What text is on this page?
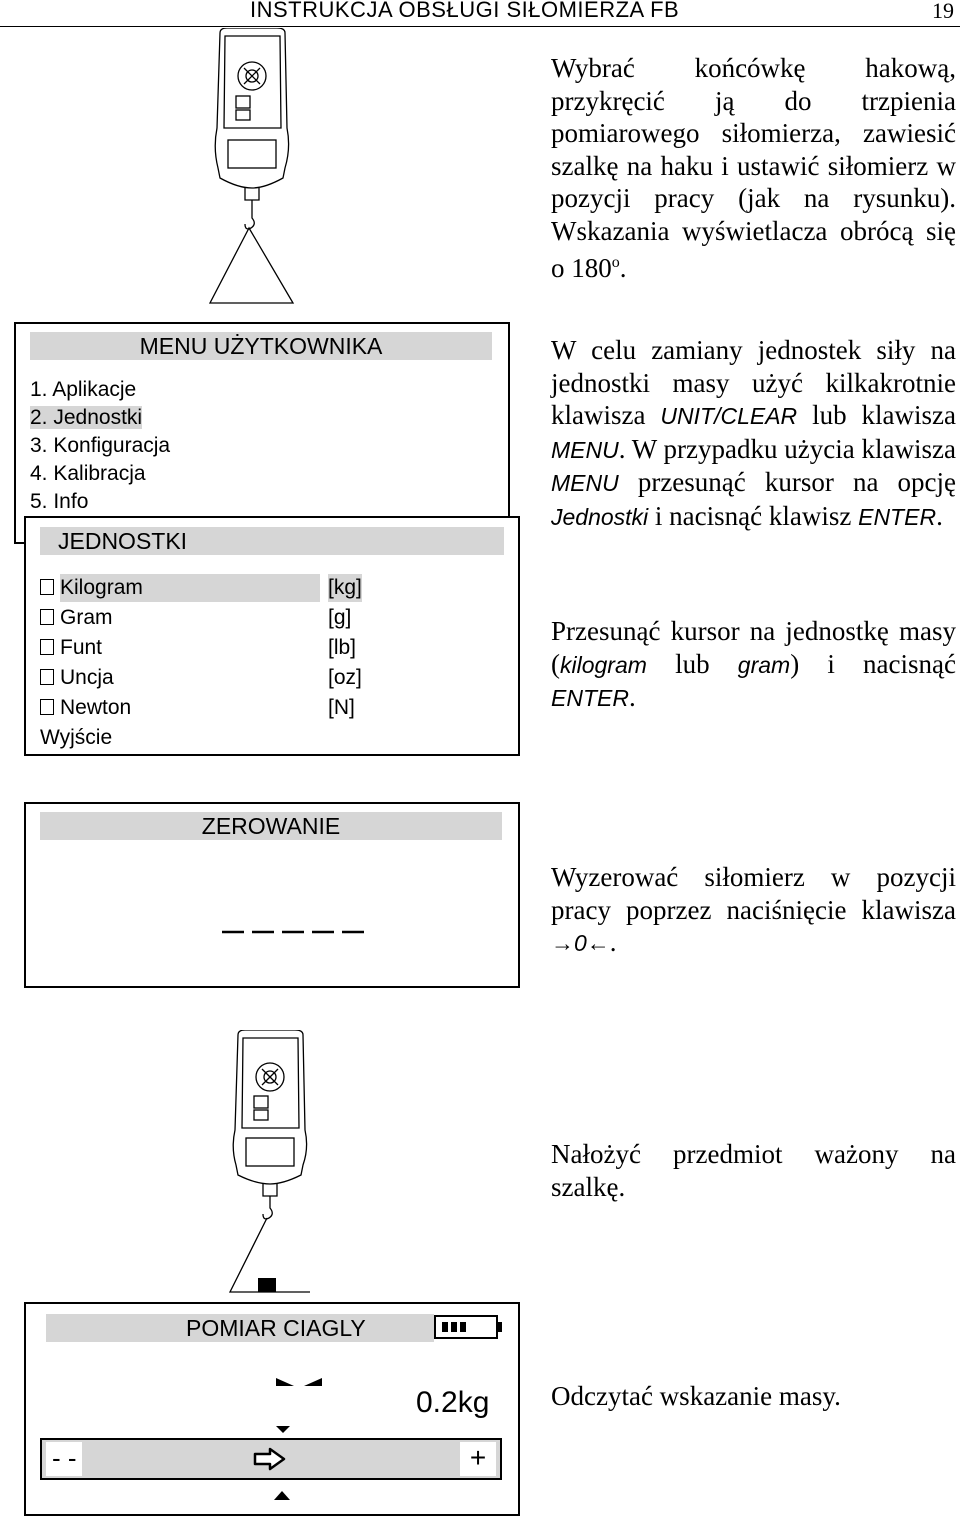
INSTRUKCJA OBSŁUGI SIŁOMIERZA FB	19
Wybrać końcówkę hakową, przykręcić ją do trzpienia pomiarowego siłomierza, zawiesić szalkę na haku i ustawić siłomierz w pozycji pracy (jak na rysunku). Wskazania wyświetlacza obrócą się o 180$^o$.
MENU UŻYTKOWNIKA
1. Aplikacje
2. Jednostki
3. Konfiguracja
4. Kalibracja
5. Info
JEDNOSTKI
Kilogram	[kg]
Gram	[g]
Funt	[lb]
Uncja	[oz]
Newton	[N]
Wyjście
W celu zamiany jednostek siły na jednostki masy użyć kilkakrotnie klawisza UNIT/CLEAR lub klawisza MENU. W przypadku użycia klawisza MENU przesunąć kursor na opcję Jednostki i nacisnąć klawisz ENTER.
Przesunąć kursor na jednostkę masy (kilogram lub gram) i nacisnąć ENTER.
ZEROWANIE
Wyzerować siłomierz w pozycji pracy poprzez naciśnięcie klawisza →0←.
Nałożyć przedmiot ważony na szalkę.
POMIAR CIAGLY
0.2kg
- -	+
Odczytać wskazanie masy.
